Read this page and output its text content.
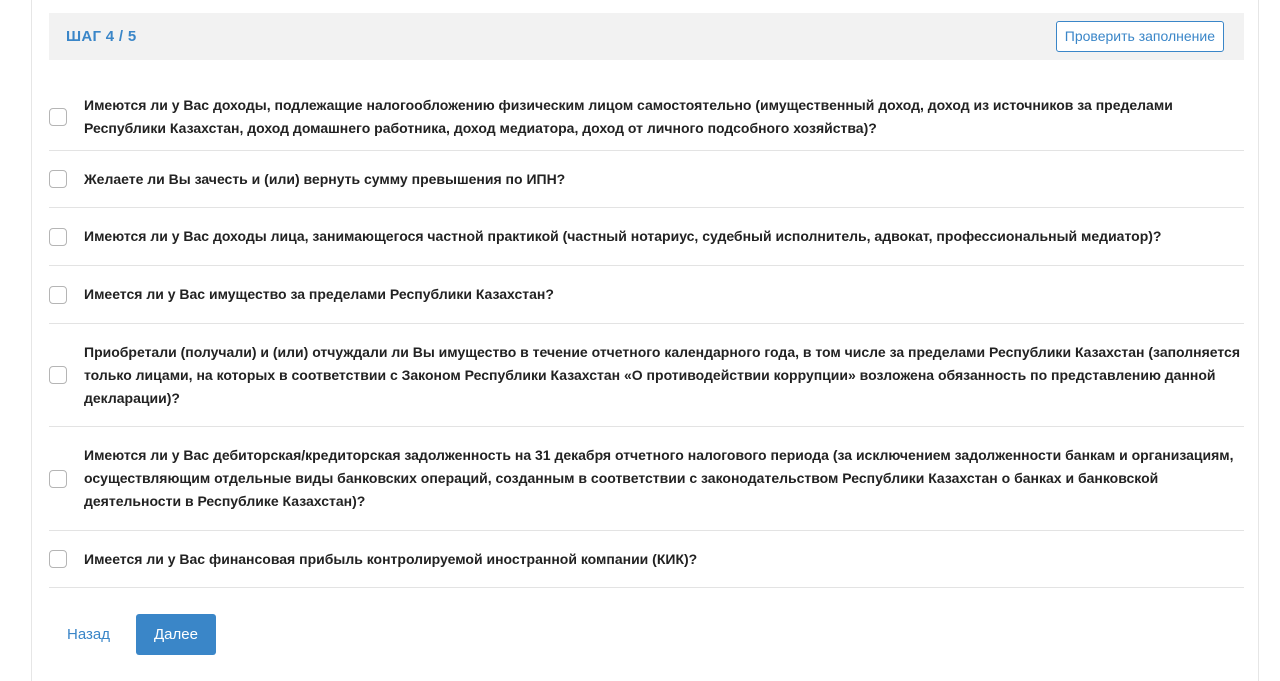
ШАГ 4 / 5	Проверить заполнение
Имеются ли у Вас доходы, подлежащие налогообложению физическим лицом самостоятельно (имущественный доход, доход из источников за пределами Республики Казахстан, доход домашнего работника, доход медиатора, доход от личного подсобного хозяйства)?
Желаете ли Вы зачесть и (или) вернуть сумму превышения по ИПН?
Имеются ли у Вас доходы лица, занимающегося частной практикой (частный нотариус, судебный исполнитель, адвокат, профессиональный медиатор)?
Имеется ли у Вас имущество за пределами Республики Казахстан?
Приобретали (получали) и (или) отчуждали ли Вы имущество в течение отчетного календарного года, в том числе за пределами Республики Казахстан (заполняется только лицами, на которых в соответствии с Законом Республики Казахстан «О противодействии коррупции» возложена обязанность по представлению данной декларации)?
Имеются ли у Вас дебиторская/кредиторская задолженность на 31 декабря отчетного налогового периода (за исключением задолженности банкам и организациям, осуществляющим отдельные виды банковских операций, созданным в соответствии с законодательством Республики Казахстан о банках и банковской деятельности в Республике Казахстан)?
Имеется ли у Вас финансовая прибыль контролируемой иностранной компании (КИК)?
Назад	Далее
